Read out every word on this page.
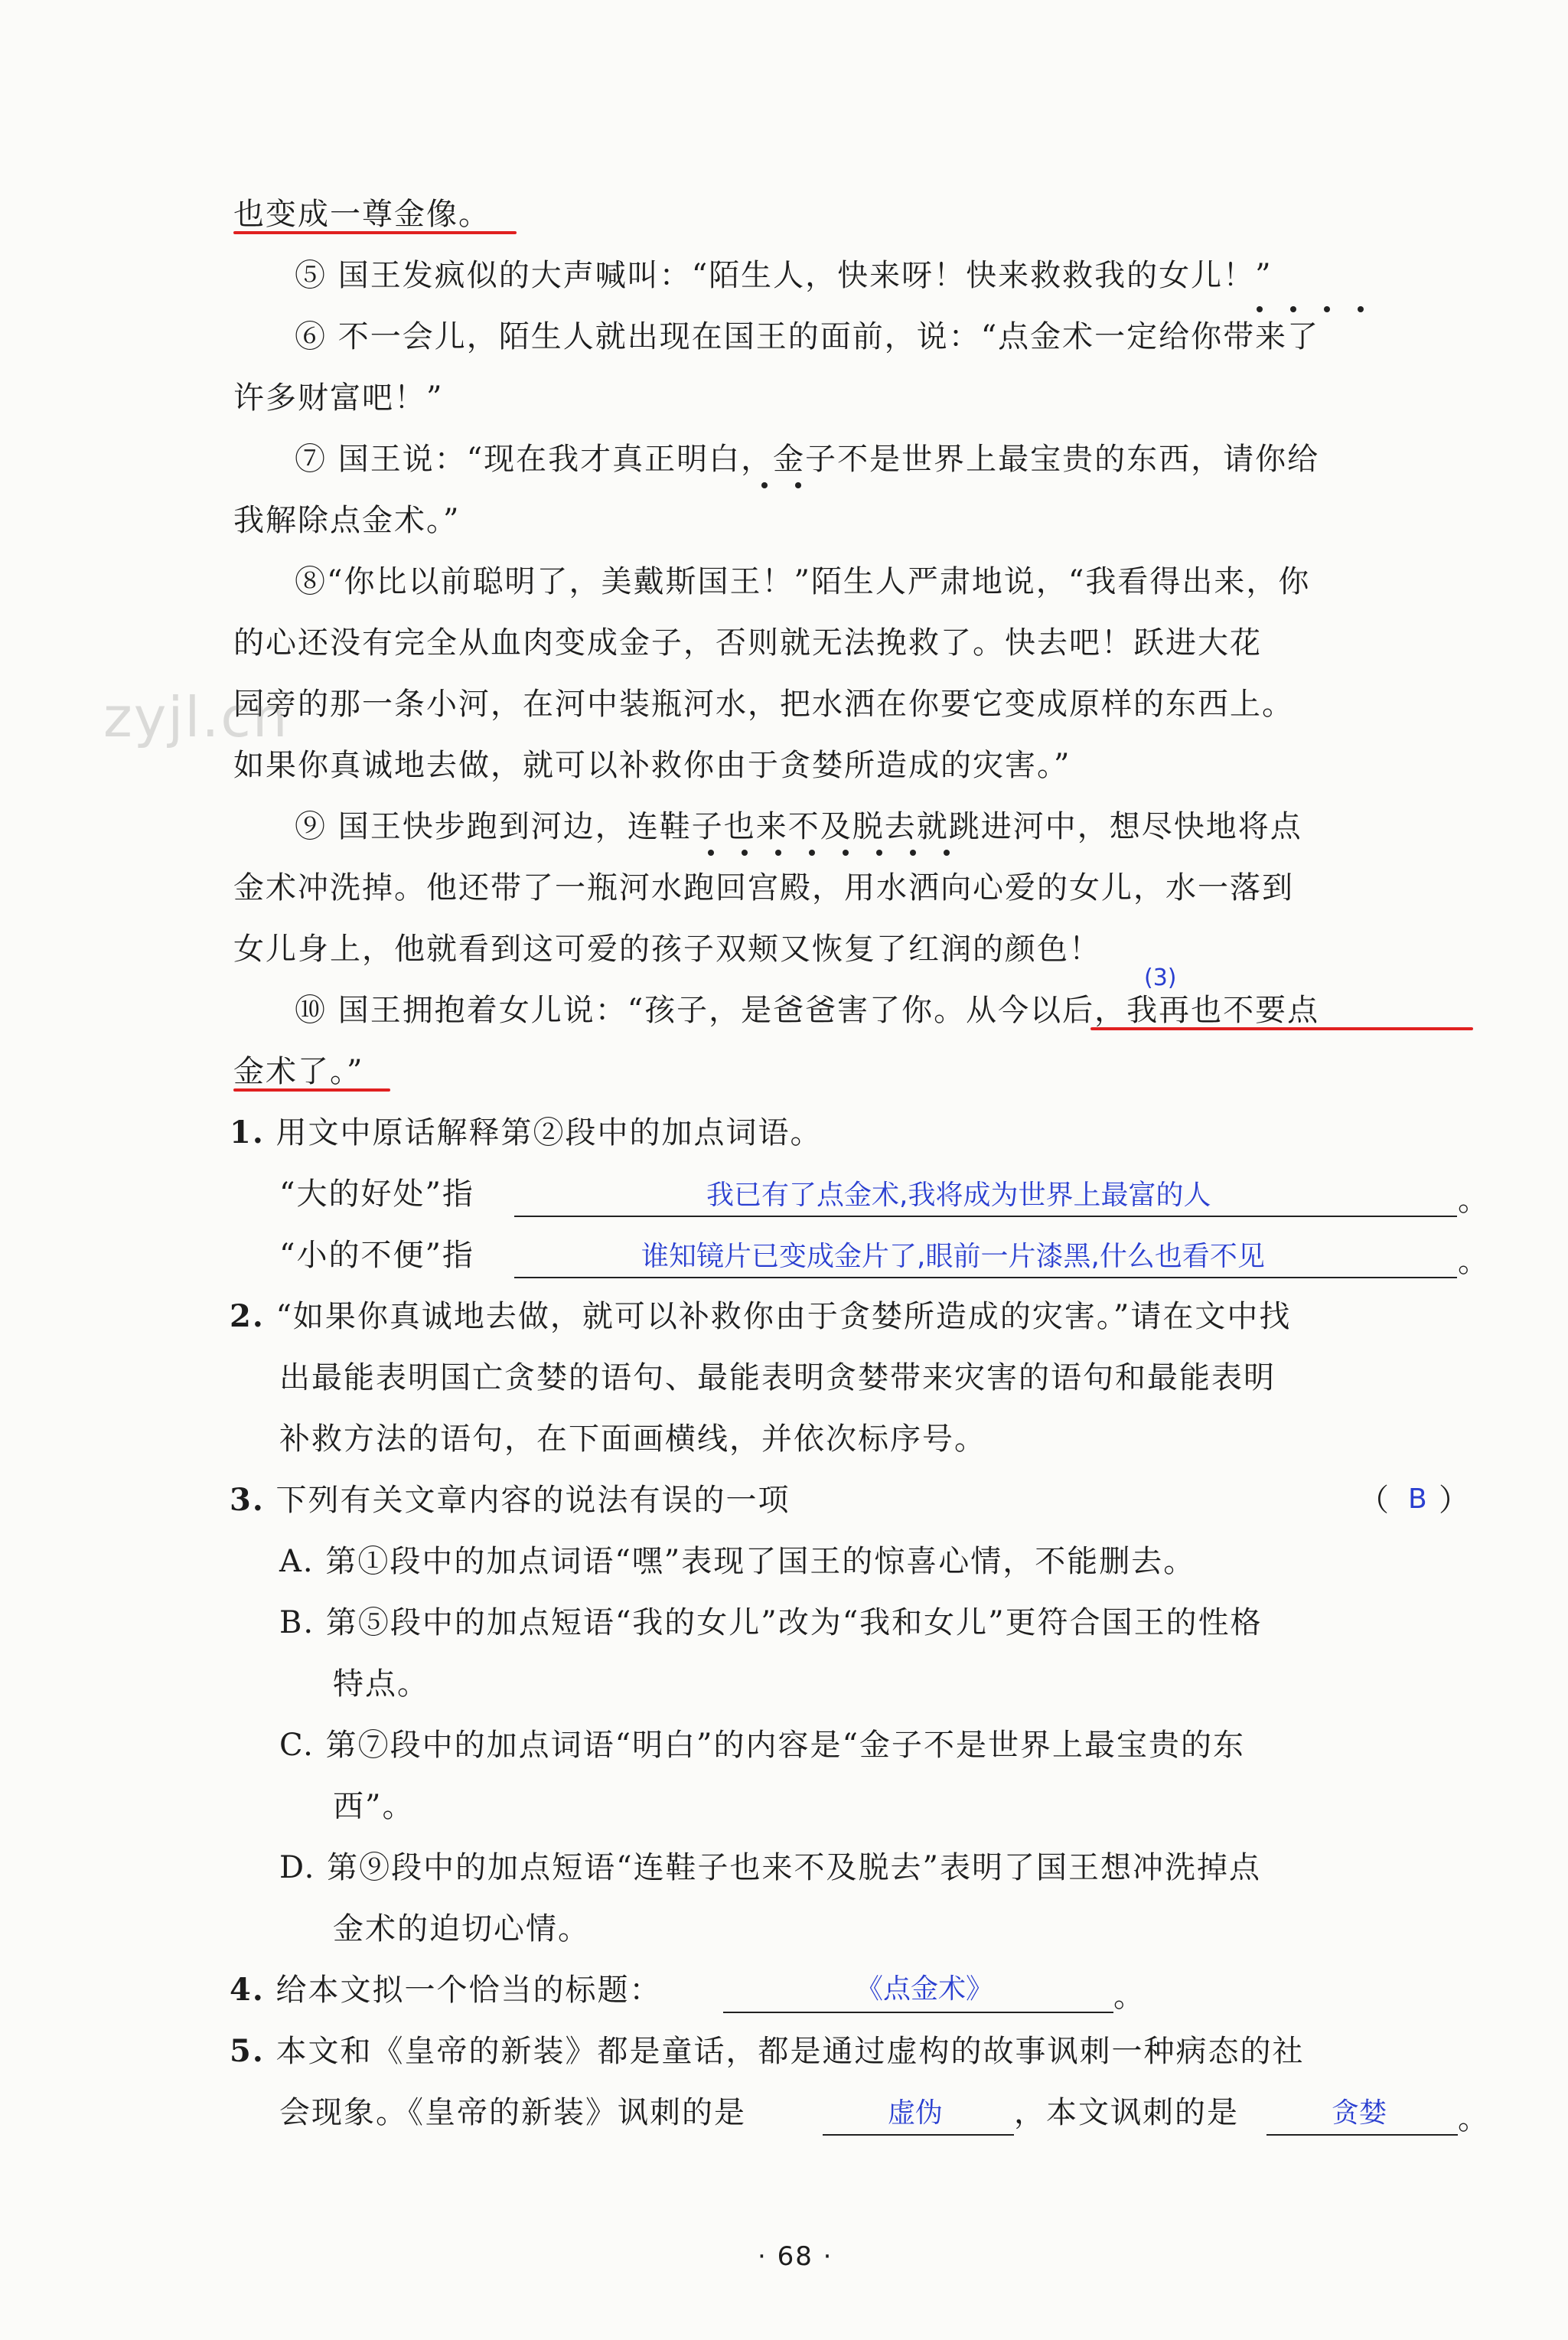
也变成一尊金像。
⑤ 国王发疯似的大声喊叫：“陌生人，快来呀！快来救救我的女儿！”
⑥ 不一会儿，陌生人就出现在国王的面前，说：“点金术一定给你带来了
许多财富吧！”
⑦ 国王说：“现在我才真正明白，金子不是世界上最宝贵的东西，请你给
我解除点金术。”
⑧“你比以前聪明了，美戴斯国王！”陌生人严肃地说，“我看得出来，你
的心还没有完全从血肉变成金子，否则就无法挽救了。快去吧！跃进大花
园旁的那一条小河，在河中装瓶河水，把水洒在你要它变成原样的东西上。
如果你真诚地去做，就可以补救你由于贪婪所造成的灾害。”
⑨ 国王快步跑到河边，连鞋子也来不及脱去就跳进河中，想尽快地将点
金术冲洗掉。他还带了一瓶河水跑回宫殿，用水洒向心爱的女儿，水一落到
女儿身上，他就看到这可爱的孩子双颊又恢复了红润的颜色！
(3)
⑩ 国王拥抱着女儿说：“孩子，是爸爸害了你。从今以后，我再也不要点
金术了。”
zyjl.cn
1. 用文中原话解释第②段中的加点词语。
“大的好处”指	我已有了点金术,我将成为世界上最富的人	。
“小的不便”指	谁知镜片已变成金片了,眼前一片漆黑,什么也看不见	。
2. “如果你真诚地去做，就可以补救你由于贪婪所造成的灾害。”请在文中找
出最能表明国亡贪婪的语句、最能表明贪婪带来灾害的语句和最能表明
补救方法的语句，在下面画横线，并依次标序号。
3. 下列有关文章内容的说法有误的一项	（ B ）
A. 第①段中的加点词语“嘿”表现了国王的惊喜心情，不能删去。
B. 第⑤段中的加点短语“我的女儿”改为“我和女儿”更符合国王的性格
特点。
C. 第⑦段中的加点词语“明白”的内容是“金子不是世界上最宝贵的东
西”。
D. 第⑨段中的加点短语“连鞋子也来不及脱去”表明了国王想冲洗掉点
金术的迫切心情。
4. 给本文拟一个恰当的标题：	《点金术》	。
5. 本文和《皇帝的新装》都是童话，都是通过虚构的故事讽刺一种病态的社
会现象。《皇帝的新装》讽刺的是	虚伪 ，本文讽刺的是	贪婪 。
· 68 ·
